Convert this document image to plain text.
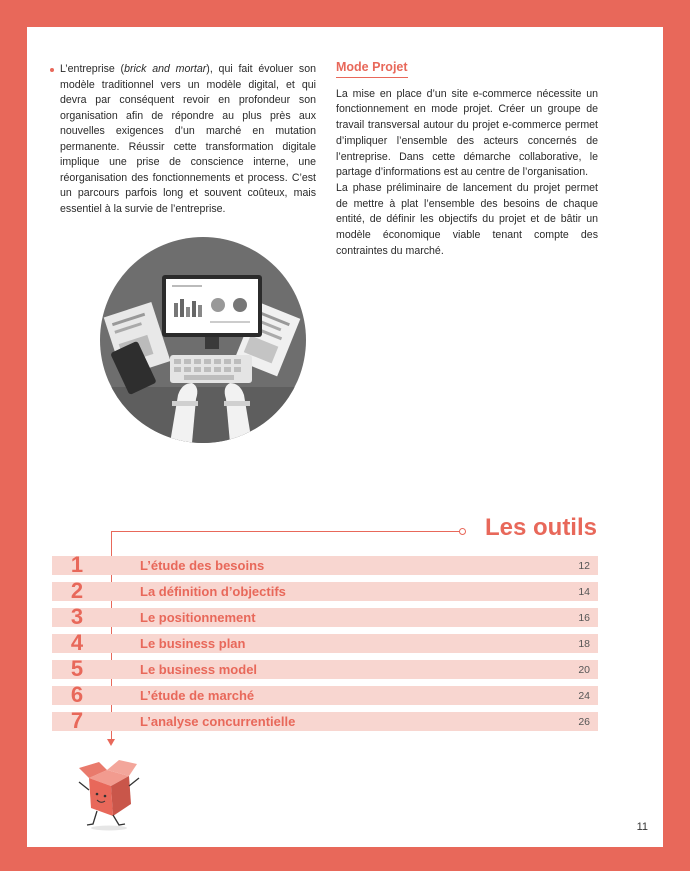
L’entreprise (brick and mortar), qui fait évoluer son modèle traditionnel vers un modèle digital, et qui devra par conséquent revoir en profondeur son organisation afin de répondre au plus près aux nouvelles exigences d’un marché en mutation permanente. Réussir cette transformation digitale implique une prise de conscience interne, une réorganisation des fonctionnements et process. C’est un parcours parfois long et souvent coûteux, mais essentiel à la survie de l’entreprise.

Mode Projet

La mise en place d’un site e-commerce nécessite un fonctionnement en mode projet. Créer un groupe de travail transversal autour du projet e-commerce permet d’impliquer l’ensemble des acteurs concernés de l’entreprise. Dans cette démarche collaborative, le partage d’informations est au centre de l’organisation.

La phase préliminaire de lancement du projet permet de mettre à plat l’ensemble des besoins de chaque entité, de définir les objectifs du projet et de bâtir un modèle économique viable tenant compte des contraintes du marché.

Les outils
1	L’étude des besoins	12
2	La définition d’objectifs	14
3	Le positionnement	16
4	Le business plan	18
5	Le business model	20
6	L’étude de marché	24
7	L’analyse concurrentielle	26
11
